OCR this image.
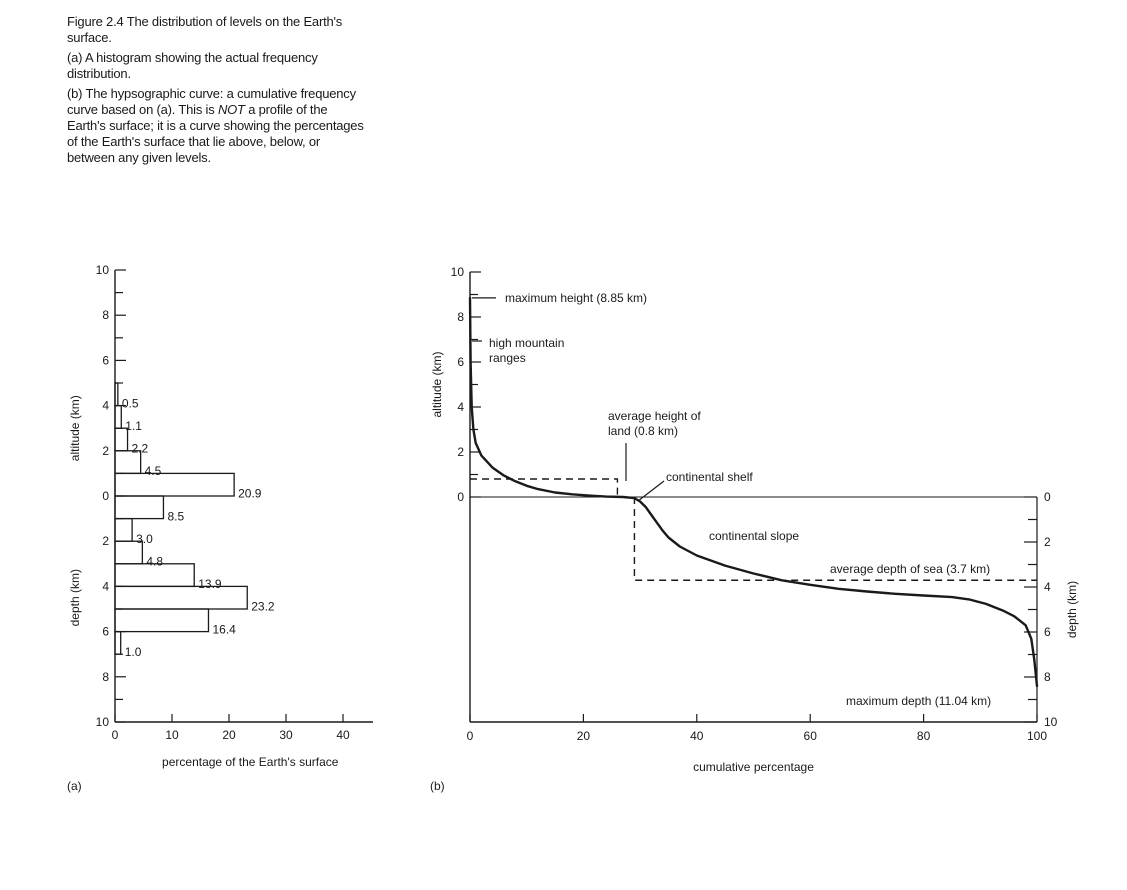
Figure 2.4 The distribution of levels on the Earth's
surface.

(a) A histogram showing the actual frequency
distribution.

(b) The hypsographic curve: a cumulative frequency
curve based on (a). This is NOT a profile of the
Earth's surface; it is a curve showing the percentages
of the Earth's surface that lie above, below, or
between any given levels.

10
8
6
4
2
0
2
4
6
8
10
0	10	20	30	40
0.5
1.1
2.2
4.5
20.9
8.5
3.0
4.8
13.9
23.2
16.4
1.0
percentage of the Earth's surface
altitude (km)
depth (km)
(a)
10
8
6
4
2
0	0
2
4
6
8
10
0	20	40	60	80	100
maximum height (8.85 km)
high mountain
ranges
average height of
land (0.8 km)
continental shelf
continental slope
average depth of sea (3.7 km)
maximum depth (11.04 km)
cumulative percentage
altitude (km)
depth (km)
(b)
